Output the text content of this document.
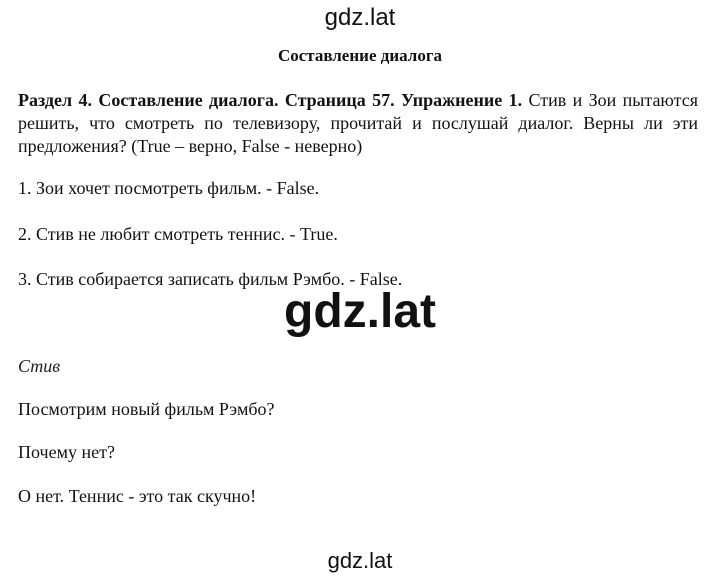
gdz.lat
Составление диалога
Раздел 4. Составление диалога. Страница 57. Упражнение 1. Стив и Зои пытаются решить, что смотреть по телевизору, прочитай и послушай диалог. Верны ли эти предложения? (True – верно, False - неверно)
1. Зои хочет посмотреть фильм. - False.
2. Стив не любит смотреть теннис. - True.
3. Стив собирается записать фильм Рэмбо. - False.
gdz.lat
Стив
Посмотрим новый фильм Рэмбо?
Почему нет?
О нет. Теннис - это так скучно!
gdz.lat
